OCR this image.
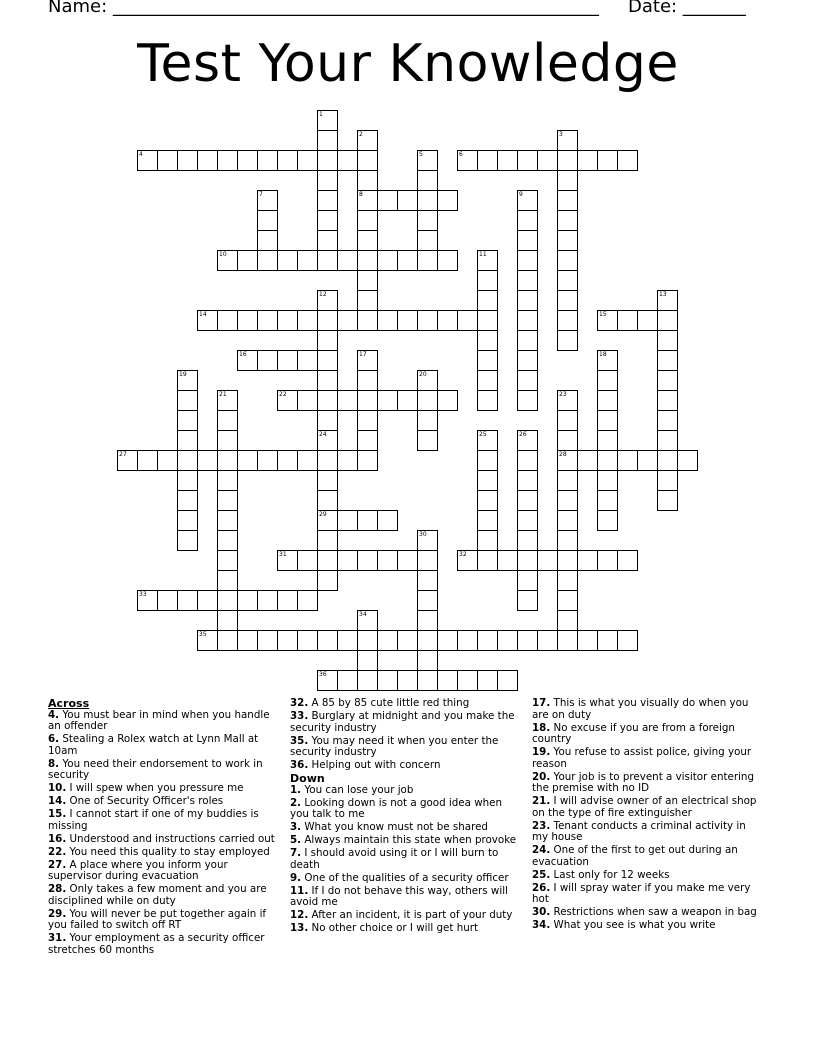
Name: ______________________________________________________ Date: _______
Test Your Knowledge
4	6
8
10
14	15
16
22
27	28
29
31	32
33
35
36
1
2	3
5
7	9
11
12	13
17	18
19	20
21	23
24	25	26
30
34
Across
4. You must bear in mind when you handle an offender
6. Stealing a Rolex watch at Lynn Mall at 10am
8. You need their endorsement to work in security
10. I will spew when you pressure me
14. One of Security Officer's roles
15. I cannot start if one of my buddies is missing
16. Understood and instructions carried out
22. You need this quality to stay employed
27. A place where you inform your supervisor during evacuation
28. Only takes a few moment and you are disciplined while on duty
29. You will never be put together again if you failed to switch off RT
31. Your employment as a security officer stretches 60 months
32. A 85 by 85 cute little red thing
33. Burglary at midnight and you make the security industry
35. You may need it when you enter the security industry
36. Helping out with concern
Down
1. You can lose your job
2. Looking down is not a good idea when you talk to me
3. What you know must not be shared
5. Always maintain this state when provoke
7. I should avoid using it or I will burn to death
9. One of the qualities of a security officer
11. If I do not behave this way, others will avoid me
12. After an incident, it is part of your duty
13. No other choice or I will get hurt
17. This is what you visually do when you are on duty
18. No excuse if you are from a foreign country
19. You refuse to assist police, giving your reason
20. Your job is to prevent a visitor entering the premise with no ID
21. I will advise owner of an electrical shop on the type of fire extinguisher
23. Tenant conducts a criminal activity in my house
24. One of the first to get out during an evacuation
25. Last only for 12 weeks
26. I will spray water if you make me very hot
30. Restrictions when saw a weapon in bag
34. What you see is what you write
